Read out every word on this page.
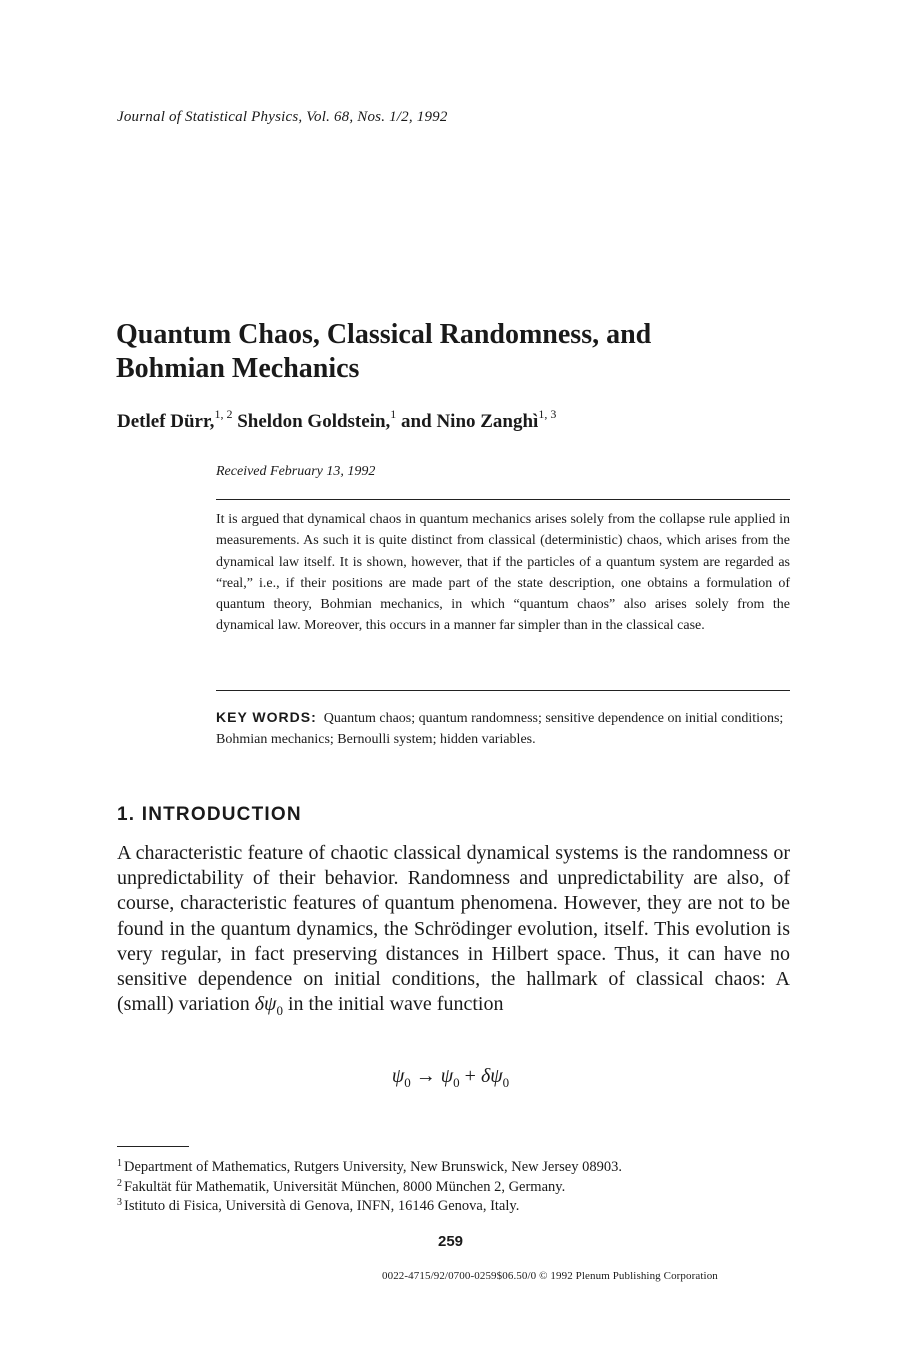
Journal of Statistical Physics, Vol. 68, Nos. 1/2, 1992
Quantum Chaos, Classical Randomness, and
Bohmian Mechanics
Detlef Dürr,$^{1, 2}$ Sheldon Goldstein,$^1$ and Nino Zanghì$^{1, 3}$
Received February 13, 1992

It is argued that dynamical chaos in quantum mechanics arises solely from the collapse rule applied in measurements. As such it is quite distinct from classical (deterministic) chaos, which arises from the dynamical law itself. It is shown, however, that if the particles of a quantum system are regarded as “real,” i.e., if their positions are made part of the state description, one obtains a formulation of quantum theory, Bohmian mechanics, in which “quantum chaos” also arises solely from the dynamical law. Moreover, this occurs in a manner far simpler than in the classical case.

KEY WORDS: Quantum chaos; quantum randomness; sensitive dependence on initial conditions; Bohmian mechanics; Bernoulli system; hidden variables.

1. INTRODUCTION

A characteristic feature of chaotic classical dynamical systems is the randomness or unpredictability of their behavior. Randomness and unpredictability are also, of course, characteristic features of quantum phenomena. However, they are not to be found in the quantum dynamics, the Schrödinger evolution, itself. This evolution is very regular, in fact preserving distances in Hilbert space. Thus, it can have no sensitive dependence on initial conditions, the hallmark of classical chaos: A (small) variation $\delta\psi_0$ in the initial wave function

$\psi_0 \to \psi_0 + \delta\psi_0$
$^1$ Department of Mathematics, Rutgers University, New Brunswick, New Jersey 08903.
$^2$ Fakultät für Mathematik, Universität München, 8000 München 2, Germany.
$^3$ Istituto di Fisica, Università di Genova, INFN, 16146 Genova, Italy.
259
0022-4715/92/0700-0259$06.50/0 © 1992 Plenum Publishing Corporation
